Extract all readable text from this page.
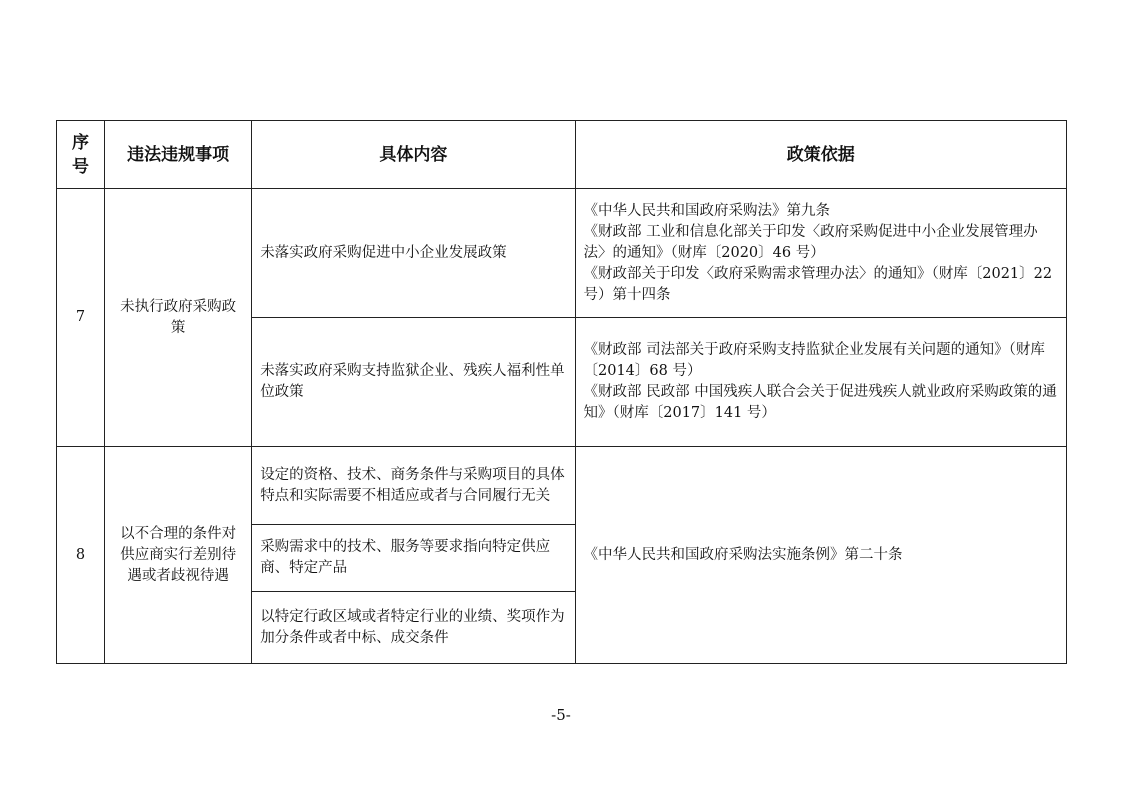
序号	违法违规事项	具体内容	政策依据
7	未执行政府采购政策	未落实政府采购促进中小企业发展政策	《中华人民共和国政府采购法》第九条
《财政部 工业和信息化部关于印发〈政府采购促进中小企业发展管理办法〉的通知》（财库〔2020〕46 号）
《财政部关于印发〈政府采购需求管理办法〉的通知》（财库〔2021〕22 号）第十四条

		未落实政府采购支持监狱企业、残疾人福利性单位政策	《财政部 司法部关于政府采购支持监狱企业发展有关问题的通知》（财库〔2014〕68 号）
《财政部 民政部 中国残疾人联合会关于促进残疾人就业政府采购政策的通知》（财库〔2017〕141 号）

8	以不合理的条件对供应商实行差别待遇或者歧视待遇	设定的资格、技术、商务条件与采购项目的具体特点和实际需要不相适应或者与合同履行无关	《中华人民共和国政府采购法实施条例》第二十条
		采购需求中的技术、服务等要求指向特定供应商、特定产品	
		以特定行政区域或者特定行业的业绩、奖项作为加分条件或者中标、成交条件	
-5-
